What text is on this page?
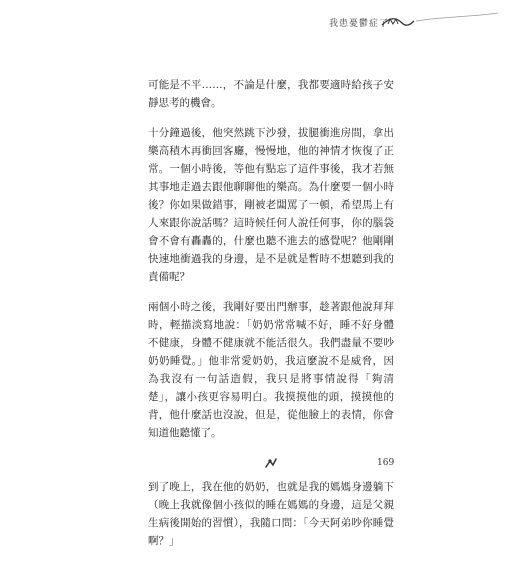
我患憂鬱症了

可能是不平……，不論是什麼，我都要適時給孩子安靜思考的機會。

十分鐘過後，他突然跳下沙發，拔腿衝進房間，拿出樂高積木再衝回客廳，慢慢地，他的神情才恢復了正常。一個小時後，等他有點忘了這件事後，我才若無其事地走過去跟他聊聊他的樂高。為什麼要一個小時後？你如果做錯事，剛被老闆罵了一頓，希望馬上有人來跟你說話嗎？這時候任何人說任何事，你的腦袋會不會有轟轟的，什麼也聽不進去的感覺呢？他剛剛快速地衝過我的身邊，是不是就是暫時不想聽到我的責備呢？

兩個小時之後，我剛好要出門辦事，趁著跟他說拜拜時，輕描淡寫地說：「奶奶常常喊不好，睡不好身體不健康，身體不健康就不能活很久。我們盡量不要吵奶奶睡覺。」他非常愛奶奶，我這麼說不是威脅，因為我沒有一句話造假，我只是將事情說得「夠清楚」，讓小孩更容易明白。我摸摸他的頭，摸摸他的背，他什麼話也沒說，但是，從他臉上的表情，你會知道他聽懂了。

到了晚上，我在他的奶奶，也就是我的媽媽身邊躺下（晚上我就像個小孩似的睡在媽媽的身邊，這是父親生病後開始的習慣），我隨口問：「今天阿弟吵你睡覺啊？」

169
